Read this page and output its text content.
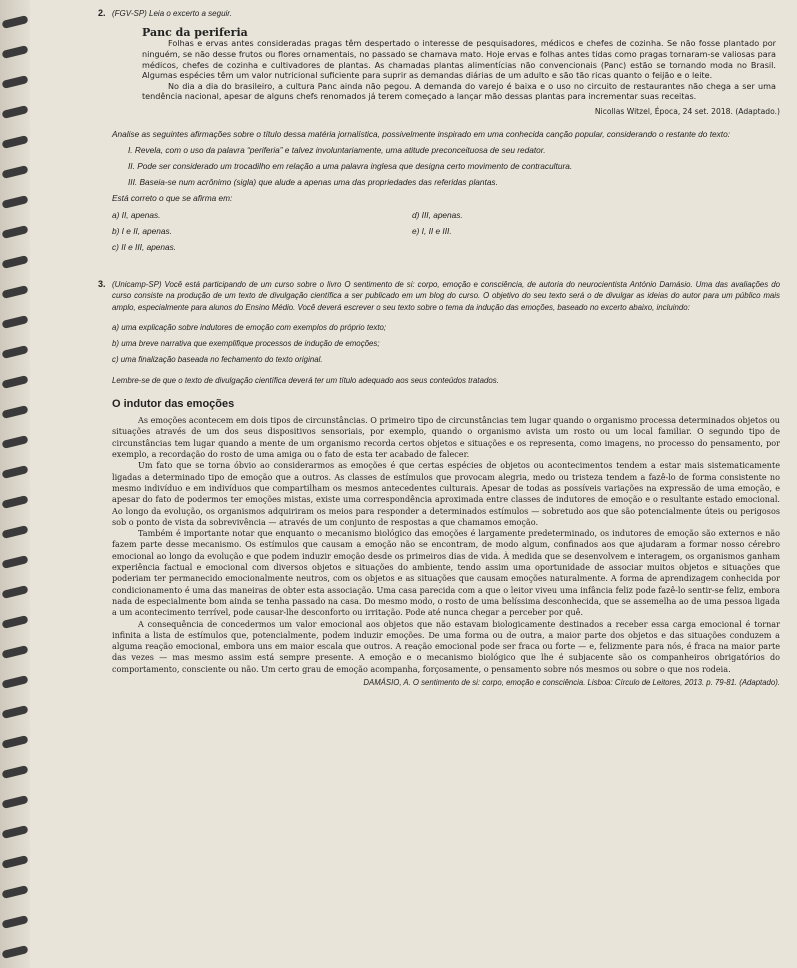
2. (FGV-SP) Leia o excerto a seguir.
Panc da periferia

Folhas e ervas antes consideradas pragas têm despertado o interesse de pesquisadores, médicos e chefes de cozinha. Se não fosse plantado por ninguém, se não desse frutos ou flores ornamentais, no passado se chamava mato. Hoje ervas e folhas antes tidas como pragas tornaram-se valiosas para médicos, chefes de cozinha e cultivadores de plantas. As chamadas plantas alimentícias não convencionais (Panc) estão se tornando moda no Brasil. Algumas espécies têm um valor nutricional suficiente para suprir as demandas diárias de um adulto e são tão ricas quanto o feijão e o leite.

No dia a dia do brasileiro, a cultura Panc ainda não pegou. A demanda do varejo é baixa e o uso no circuito de restaurantes não chega a ser uma tendência nacional, apesar de alguns chefs renomados já terem começado a lançar mão dessas plantas para incrementar suas receitas.

Nicollas Witzel, Época, 24 set. 2018. (Adaptado.)

Analise as seguintes afirmações sobre o título dessa matéria jornalística, possivelmente inspirado em uma conhecida canção popular, considerando o restante do texto:

I. Revela, com o uso da palavra “periferia” e talvez involuntariamente, uma atitude preconceituosa de seu redator.

II. Pode ser considerado um trocadilho em relação a uma palavra inglesa que designa certo movimento de contracultura.

III. Baseia-se num acrônimo (sigla) que alude a apenas uma das propriedades das referidas plantas.

Está correto o que se afirma em:

a) II, apenas.	d) III, apenas.
b) I e II, apenas.	e) I, II e III.
c) II e III, apenas.
3. (Unicamp-SP) Você está participando de um curso sobre o livro O sentimento de si: corpo, emoção e consciência, de autoria do neurocientista António Damásio. Uma das avaliações do curso consiste na produção de um texto de divulgação científica a ser publicado em um blog do curso. O objetivo do seu texto será o de divulgar as ideias do autor para um público mais amplo, especialmente para alunos do Ensino Médio. Você deverá escrever o seu texto sobre o tema da indução das emoções, baseado no excerto abaixo, incluindo:

a) uma explicação sobre indutores de emoção com exemplos do próprio texto;

b) uma breve narrativa que exemplifique processos de indução de emoções;

c) uma finalização baseada no fechamento do texto original.

Lembre-se de que o texto de divulgação científica deverá ter um título adequado aos seus conteúdos tratados.

O indutor das emoções

As emoções acontecem em dois tipos de circunstâncias. O primeiro tipo de circunstâncias tem lugar quando o organismo processa determinados objetos ou situações através de um dos seus dispositivos sensoriais, por exemplo, quando o organismo avista um rosto ou um local familiar. O segundo tipo de circunstâncias tem lugar quando a mente de um organismo recorda certos objetos e situações e os representa, como imagens, no processo do pensamento, por exemplo, a recordação do rosto de uma amiga ou o fato de esta ter acabado de falecer.

Um fato que se torna óbvio ao considerarmos as emoções é que certas espécies de objetos ou acontecimentos tendem a estar mais sistematicamente ligadas a determinado tipo de emoção que a outros. As classes de estímulos que provocam alegria, medo ou tristeza tendem a fazê-lo de forma consistente no mesmo indivíduo e em indivíduos que compartilham os mesmos antecedentes culturais. Apesar de todas as possíveis variações na expressão de uma emoção, e apesar do fato de podermos ter emoções mistas, existe uma correspondência aproximada entre classes de indutores de emoção e o resultante estado emocional. Ao longo da evolução, os organismos adquiriram os meios para responder a determinados estímulos — sobretudo aos que são potencialmente úteis ou perigosos sob o ponto de vista da sobrevivência — através de um conjunto de respostas a que chamamos emoção.

Também é importante notar que enquanto o mecanismo biológico das emoções é largamente predeterminado, os indutores de emoção são externos e não fazem parte desse mecanismo. Os estímulos que causam a emoção não se encontram, de modo algum, confinados aos que ajudaram a formar nosso cérebro emocional ao longo da evolução e que podem induzir emoção desde os primeiros dias de vida. À medida que se desenvolvem e interagem, os organismos ganham experiência factual e emocional com diversos objetos e situações do ambiente, tendo assim uma oportunidade de associar muitos objetos e situações que poderiam ter permanecido emocionalmente neutros, com os objetos e as situações que causam emoções naturalmente. A forma de aprendizagem conhecida por condicionamento é uma das maneiras de obter esta associação. Uma casa parecida com a que o leitor viveu uma infância feliz pode fazê-lo sentir-se feliz, embora nada de especialmente bom ainda se tenha passado na casa. Do mesmo modo, o rosto de uma belíssima desconhecida, que se assemelha ao de uma pessoa ligada a um acontecimento terrível, pode causar-lhe desconforto ou irritação. Pode até nunca chegar a perceber por quê.

A consequência de concedermos um valor emocional aos objetos que não estavam biologicamente destinados a receber essa carga emocional é tornar infinita a lista de estímulos que, potencialmente, podem induzir emoções. De uma forma ou de outra, a maior parte dos objetos e das situações conduzem a alguma reação emocional, embora uns em maior escala que outros. A reação emocional pode ser fraca ou forte — e, felizmente para nós, é fraca na maior parte das vezes — mas mesmo assim está sempre presente. A emoção e o mecanismo biológico que lhe é subjacente são os companheiros obrigatórios do comportamento, consciente ou não. Um certo grau de emoção acompanha, forçosamente, o pensamento sobre nós mesmos ou sobre o que nos rodeia.

DAMÁSIO, A. O sentimento de si: corpo, emoção e consciência. Lisboa: Círculo de Leitores, 2013. p. 79-81. (Adaptado).
